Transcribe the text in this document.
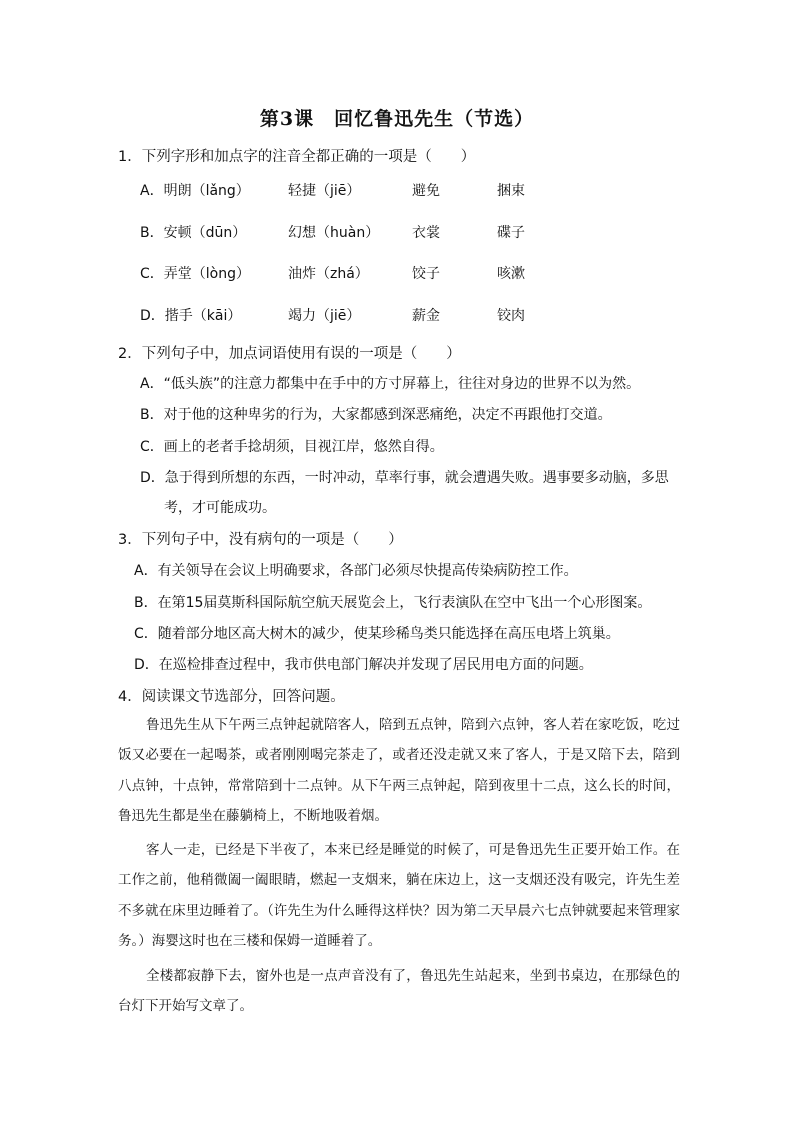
第3课　回忆鲁迅先生（节选）
1．下列字形和加点字的注音全都正确的一项是（　　）
A．明朗（lǎng）	轻捷（jiē）	避免	捆束
B．安顿（dūn）	幻想（huàn） 衣裳	碟子
C．弄堂（lòng）	油炸（zhá）	饺子	咳漱
D．揩手（kāi）	竭力（jiē）	薪金	铰肉
2．下列句子中，加点词语使用有误的一项是（　　）
A．“低头族”的注意力都集中在手中的方寸屏幕上，往往对身边的世界不以为然。
B．对于他的这种卑劣的行为，大家都感到深恶痛绝，决定不再跟他打交道。
C．画上的老者手捻胡须，目视江岸，悠然自得。
D．急于得到所想的东西，一时冲动，草率行事，就会遭遇失败。遇事要多动脑，多思
考，才可能成功。
3．下列句子中，没有病句的一项是（　　）
A．有关领导在会议上明确要求，各部门必须尽快提高传染病防控工作。
B．在第15届莫斯科国际航空航天展览会上，飞行表演队在空中飞出一个心形图案。
C．随着部分地区高大树木的减少，使某珍稀鸟类只能选择在高压电塔上筑巢。
D．在巡检排查过程中，我市供电部门解决并发现了居民用电方面的问题。
4．阅读课文节选部分，回答问题。

鲁迅先生从下午两三点钟起就陪客人，陪到五点钟，陪到六点钟，客人若在家吃饭，吃过饭又必要在一起喝茶，或者刚刚喝完茶走了，或者还没走就又来了客人，于是又陪下去，陪到八点钟，十点钟，常常陪到十二点钟。从下午两三点钟起，陪到夜里十二点，这么长的时间，鲁迅先生都是坐在藤躺椅上，不断地吸着烟。

客人一走，已经是下半夜了，本来已经是睡觉的时候了，可是鲁迅先生正要开始工作。在工作之前，他稍微阖一阖眼睛，燃起一支烟来，躺在床边上，这一支烟还没有吸完，许先生差不多就在床里边睡着了。（许先生为什么睡得这样快？因为第二天早晨六七点钟就要起来管理家务。）海婴这时也在三楼和保姆一道睡着了。

全楼都寂静下去，窗外也是一点声音没有了，鲁迅先生站起来，坐到书桌边，在那绿色的台灯下开始写文章了。
